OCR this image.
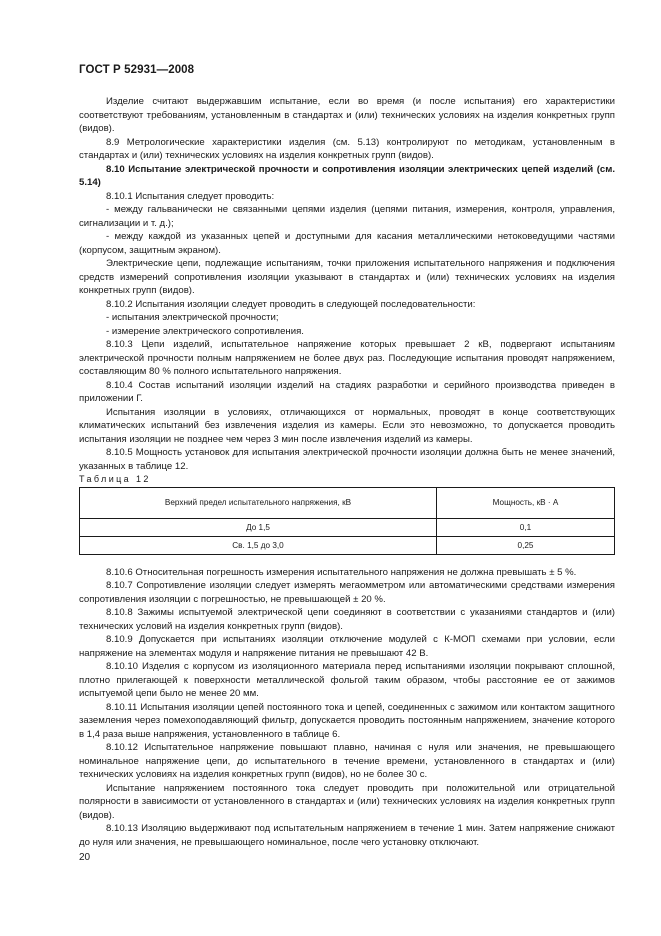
ГОСТ Р 52931—2008

Изделие считают выдержавшим испытание, если во время (и после испытания) его характеристики соответствуют требованиям, установленным в стандартах и (или) технических условиях на изделия конкретных групп (видов).

8.9 Метрологические характеристики изделия (см. 5.13) контролируют по методикам, установленным в стандартах и (или) технических условиях на изделия конкретных групп (видов).

8.10 Испытание электрической прочности и сопротивления изоляции электрических цепей изделий (см. 5.14)

8.10.1 Испытания следует проводить:

- между гальванически не связанными цепями изделия (цепями питания, измерения, контроля, управления, сигнализации и т. д.);

- между каждой из указанных цепей и доступными для касания металлическими нетоковедущими частями (корпусом, защитным экраном).

Электрические цепи, подлежащие испытаниям, точки приложения испытательного напряжения и подключения средств измерений сопротивления изоляции указывают в стандартах и (или) технических условиях на изделия конкретных групп (видов).

8.10.2 Испытания изоляции следует проводить в следующей последовательности:

- испытания электрической прочности;

- измерение электрического сопротивления.

8.10.3 Цепи изделий, испытательное напряжение которых превышает 2 кВ, подвергают испытаниям электрической прочности полным напряжением не более двух раз. Последующие испытания проводят напряжением, составляющим 80 % полного испытательного напряжения.

8.10.4 Состав испытаний изоляции изделий на стадиях разработки и серийного производства приведен в приложении Г.

Испытания изоляции в условиях, отличающихся от нормальных, проводят в конце соответствующих климатических испытаний без извлечения изделия из камеры. Если это невозможно, то допускается проводить испытания изоляции не позднее чем через 3 мин после извлечения изделий из камеры.

8.10.5 Мощность установок для испытания электрической прочности изоляции должна быть не менее значений, указанных в таблице 12.

Таблица 12

Верхний предел испытательного напряжения, кВ	Мощность, кВ · А
До 1,5	0,1
Св. 1,5 до 3,0	0,25

8.10.6 Относительная погрешность измерения испытательного напряжения не должна превышать ± 5 %.

8.10.7 Сопротивление изоляции следует измерять мегаомметром или автоматическими средствами измерения сопротивления изоляции с погрешностью, не превышающей ± 20 %.

8.10.8 Зажимы испытуемой электрической цепи соединяют в соответствии с указаниями стандартов и (или) технических условий на изделия конкретных групп (видов).

8.10.9 Допускается при испытаниях изоляции отключение модулей с К-МОП схемами при условии, если напряжение на элементах модуля и напряжение питания не превышают 42 В.

8.10.10 Изделия с корпусом из изоляционного материала перед испытаниями изоляции покрывают сплошной, плотно прилегающей к поверхности металлической фольгой таким образом, чтобы расстояние ее от зажимов испытуемой цепи было не менее 20 мм.

8.10.11 Испытания изоляции цепей постоянного тока и цепей, соединенных с зажимом или контактом защитного заземления через помехоподавляющий фильтр, допускается проводить постоянным напряжением, значение которого в 1,4 раза выше напряжения, установленного в таблице 6.

8.10.12 Испытательное напряжение повышают плавно, начиная с нуля или значения, не превышающего номинальное напряжение цепи, до испытательного в течение времени, установленного в стандартах и (или) технических условиях на изделия конкретных групп (видов), но не более 30 с.

Испытание напряжением постоянного тока следует проводить при положительной или отрицательной полярности в зависимости от установленного в стандартах и (или) технических условиях на изделия конкретных групп (видов).

8.10.13 Изоляцию выдерживают под испытательным напряжением в течение 1 мин. Затем напряжение снижают до нуля или значения, не превышающего номинальное, после чего установку отключают.

20
